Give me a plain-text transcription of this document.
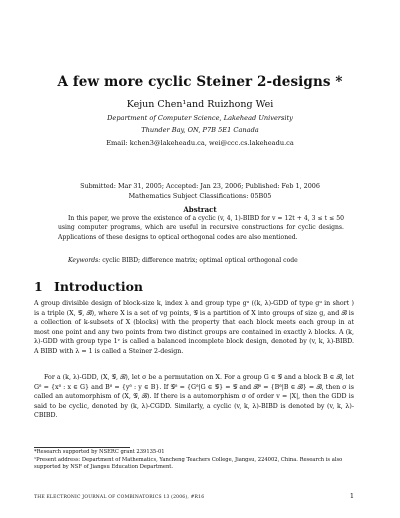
A few more cyclic Steiner 2-designs *
Kejun Chen¹and Ruizhong Wei
Department of Computer Science, Lakehead University
Thunder Bay, ON, P7B 5E1 Canada
Email: kchen3@lakeheadu.ca, wei@ccc.cs.lakeheadu.ca
Submitted: Mar 31, 2005; Accepted: Jan 23, 2006; Published: Feb 1, 2006
Mathematics Subject Classifications: 05B05
Abstract
In this paper, we prove the existence of a cyclic (v, 4, 1)-BIBD for v = 12t + 4, 3 ≤ t ≤ 50 using computer programs, which are useful in recursive constructions for cyclic designs. Applications of these designs to optical orthogonal codes are also mentioned.
Keywords: cyclic BIBD; difference matrix; optimal optical orthogonal code
1 Introduction
A group divisible design of block-size k, index λ and group type gᵘ ((k, λ)-GDD of type gᵘ in short ) is a triple (X, 𝒢, ℬ), where X is a set of vg points, 𝒢 is a partition of X into groups of size g, and ℬ is a collection of k-subsets of X (blocks) with the property that each block meets each group in at most one point and any two points from two distinct groups are contained in exactly λ blocks. A (k, λ)-GDD with group type 1ᵛ is called a balanced incomplete block design, denoted by (v, k, λ)-BIBD. A BIBD with λ = 1 is called a Steiner 2-design.
For a (k, λ)-GDD, (X, 𝒢, ℬ), let σ be a permutation on X. For a group G ∈ 𝒢 and a block B ∈ ℬ, let Gᶞ = {xᶞ : x ∈ G} and Bᶞ = {yᶞ : y ∈ B}. If 𝒢ᶞ = {Gᶞ|G ∈ 𝒢} = 𝒢 and ℬᶞ = {Bᶞ|B ∈ ℬ} = ℬ, then σ is called an automorphism of (X, 𝒢, ℬ). If there is a automorphism σ of order v = |X|, then the GDD is said to be cyclic, denoted by (k, λ)-CGDD. Similarly, a cyclic (v, k, λ)-BIBD is denoted by (v, k, λ)-CBIBD.
*Research supported by NSERC grant 239135-01
¹Present address: Department of Mathematics, Yancheng Teachers College, Jiangsu, 224002, China. Research is also supported by NSF of Jiangsu Education Department.
THE ELECTRONIC JOURNAL OF COMBINATORICS 13 (2006), #R16	1
